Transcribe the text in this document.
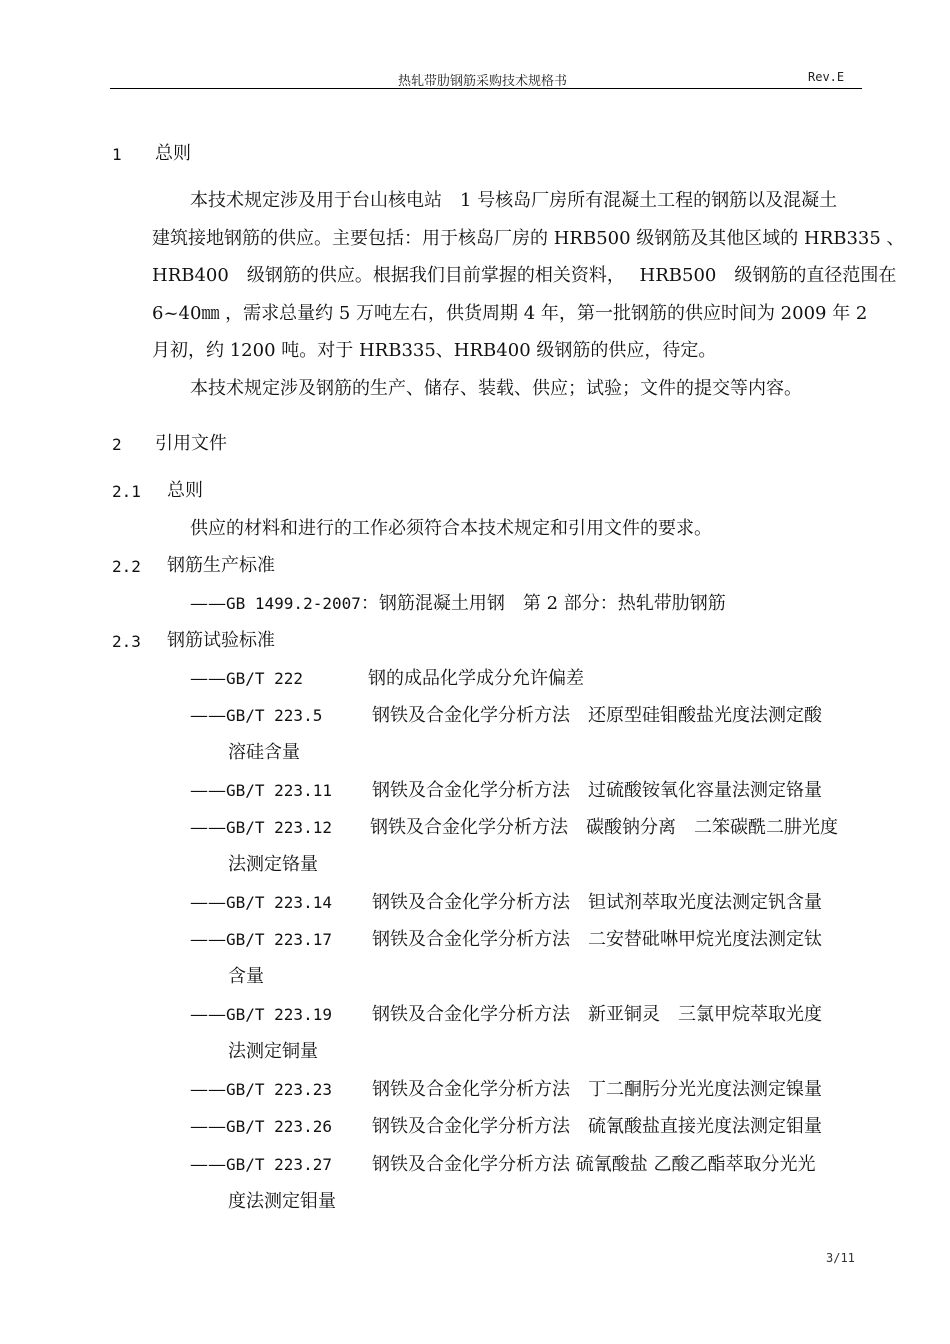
热轧带肋钢筋采购技术规格书	Rev.E
1 总则
本技术规定涉及用于台山核电站　1 号核岛厂房所有混凝土工程的钢筋以及混凝土
建筑接地钢筋的供应。主要包括：用于核岛厂房的 HRB500 级钢筋及其他区域的 HRB335 、
HRB400　级钢筋的供应。根据我们目前掌握的相关资料，　 HRB500　级钢筋的直径范围在
6~40㎜ ，需求总量约 5 万吨左右，供货周期 4 年，第一批钢筋的供应时间为 2009 年 2
月初，约 1200 吨。对于 HRB335、HRB400 级钢筋的供应，待定。
本技术规定涉及钢筋的生产、储存、装载、供应；试验；文件的提交等内容。
2 引用文件
2.1 总则
供应的材料和进行的工作必须符合本技术规定和引用文件的要求。
2.2 钢筋生产标准
——GB 1499.2-2007：钢筋混凝土用钢　第 2 部分：热轧带肋钢筋
2.3 钢筋试验标准
——GB/T 222	钢的成品化学成分允许偏差
——GB/T 223.5	钢铁及合金化学分析方法　还原型硅钼酸盐光度法测定酸
溶硅含量
——GB/T 223.11 钢铁及合金化学分析方法　过硫酸铵氧化容量法测定铬量
——GB/T 223.12 钢铁及合金化学分析方法　碳酸钠分离　二笨碳酰二肼光度
法测定铬量
——GB/T 223.14 钢铁及合金化学分析方法　钽试剂萃取光度法测定钒含量
——GB/T 223.17 钢铁及合金化学分析方法　二安替砒啉甲烷光度法测定钛
含量
——GB/T 223.19 钢铁及合金化学分析方法　新亚铜灵　三氯甲烷萃取光度
法测定铜量
——GB/T 223.23 钢铁及合金化学分析方法　丁二酮肟分光光度法测定镍量
——GB/T 223.26 钢铁及合金化学分析方法　硫氰酸盐直接光度法测定钼量
——GB/T 223.27 钢铁及合金化学分析方法 硫氰酸盐 乙酸乙酯萃取分光光
度法测定钼量
3/11
